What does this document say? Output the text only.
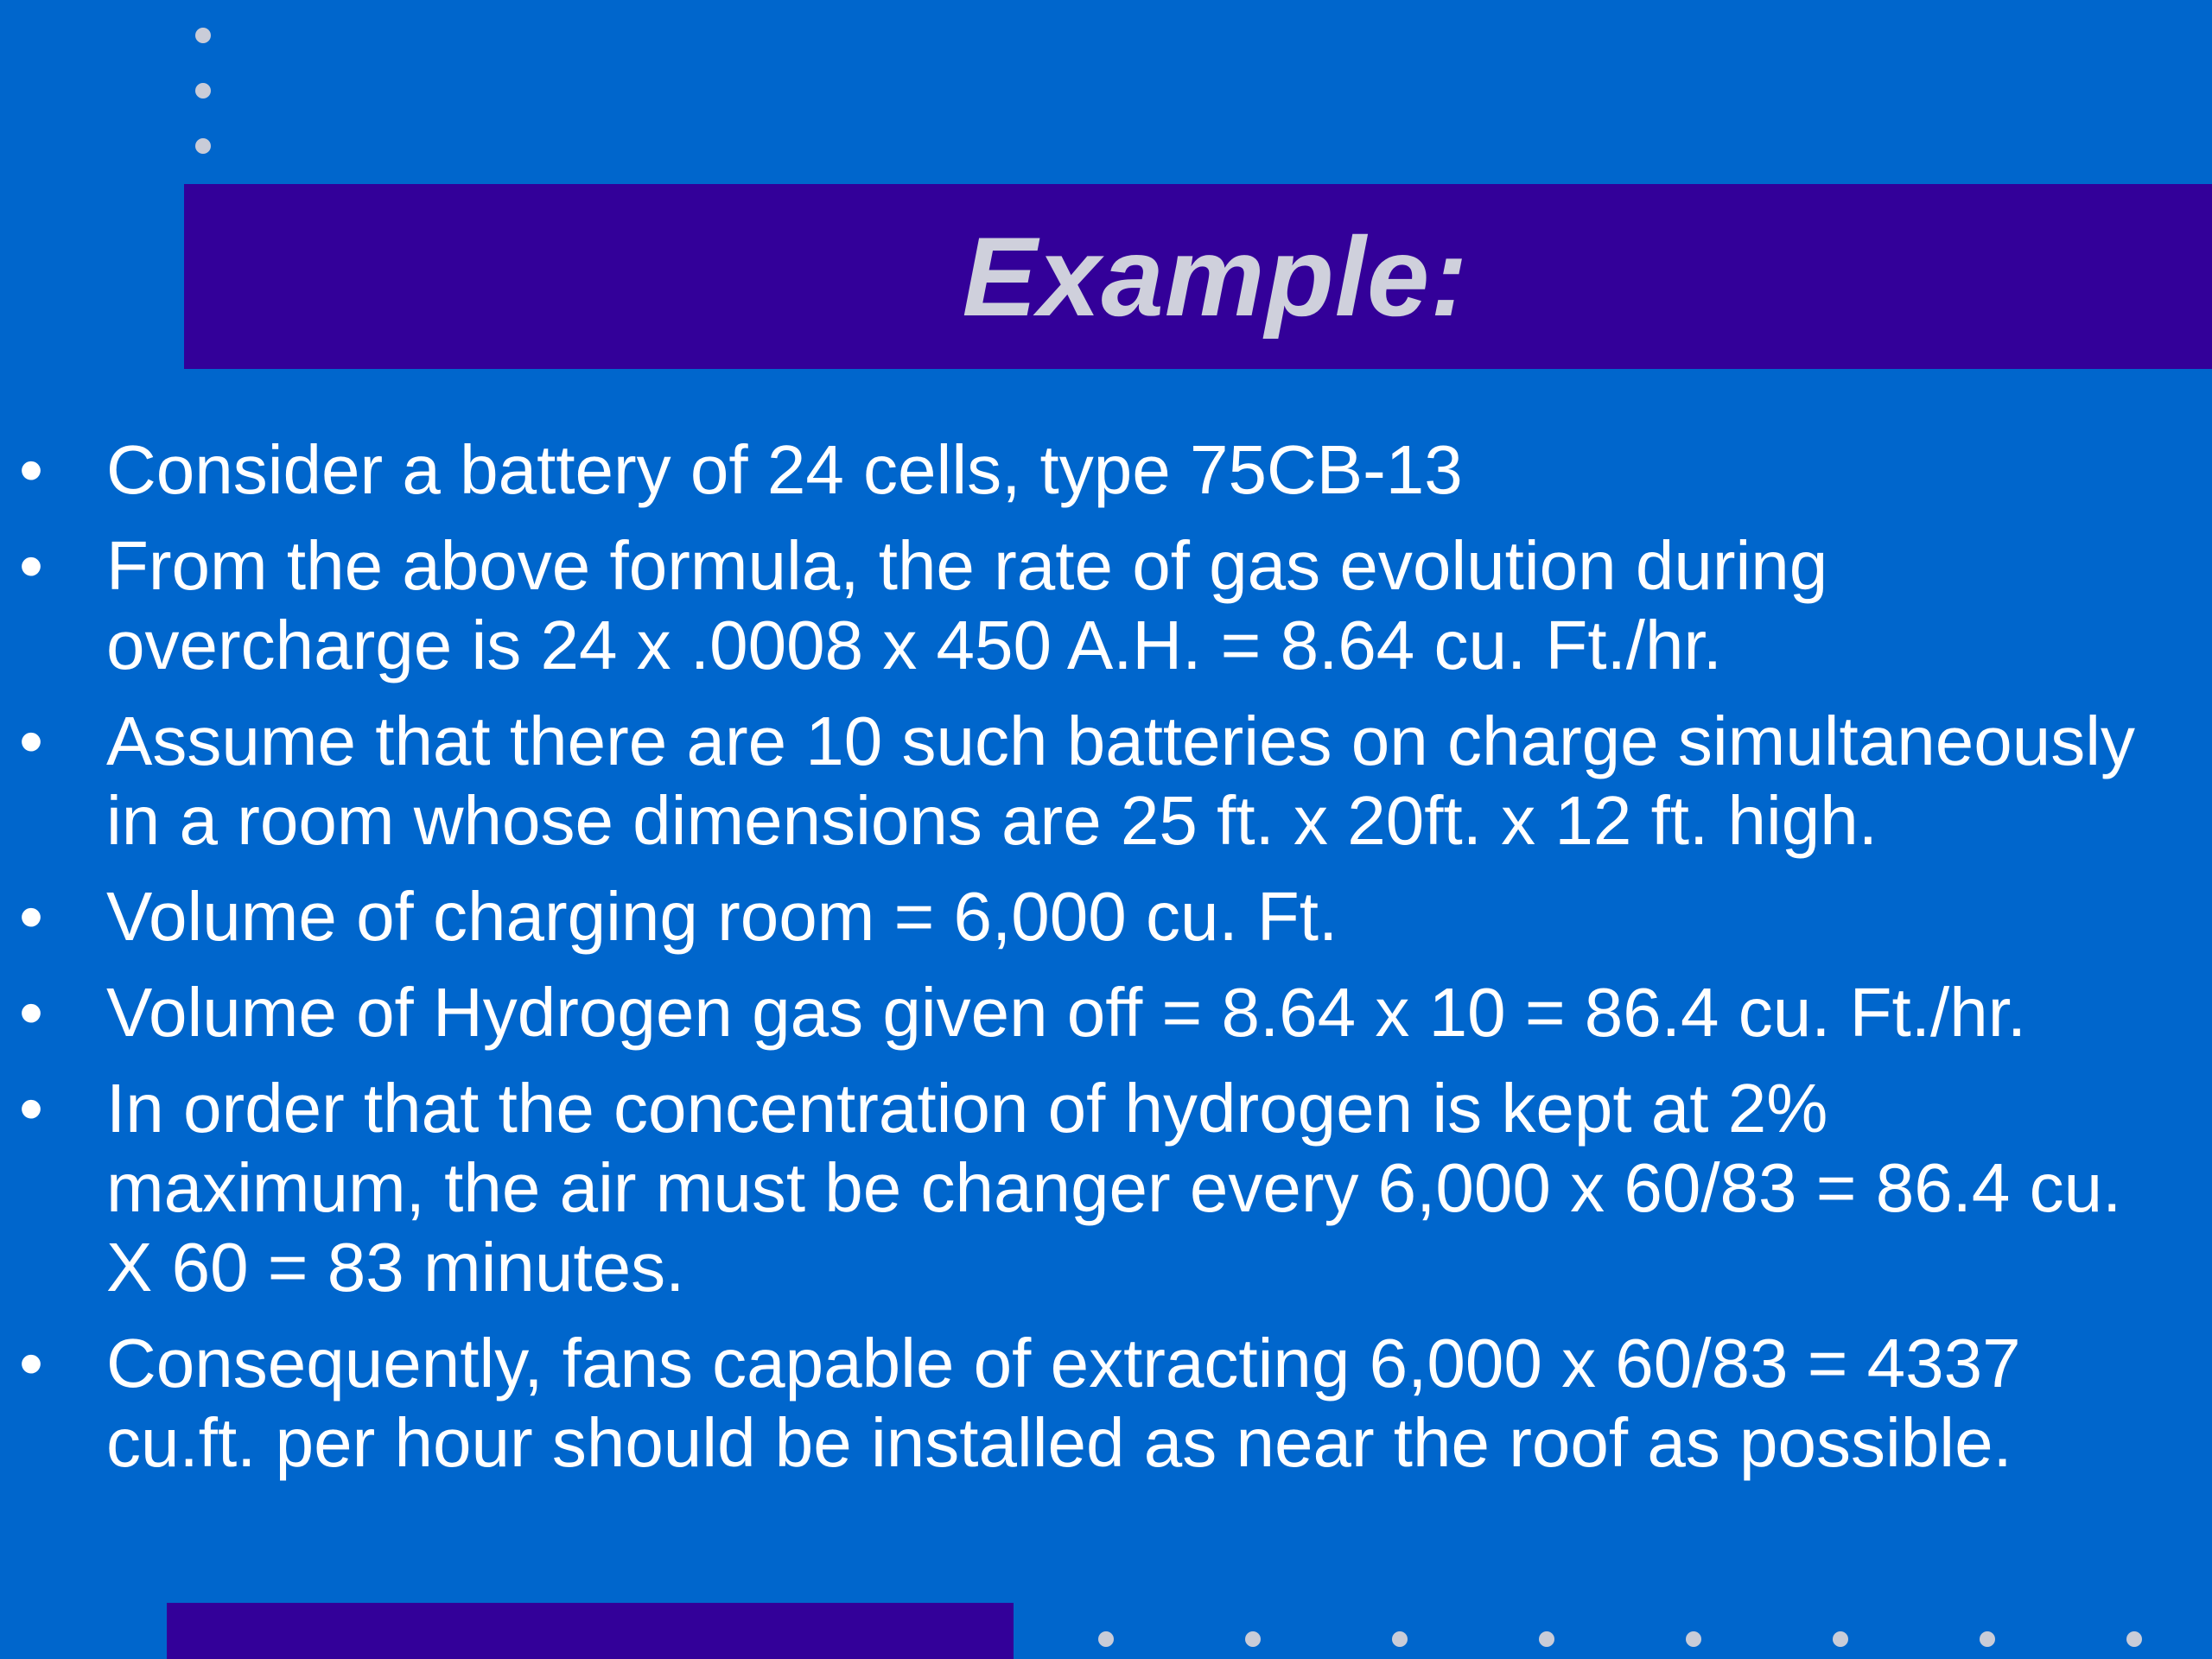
Example:
• Consider a battery of 24 cells, type 75CB-13
• From the above formula, the rate of gas evolution during overcharge is 24 x .0008 x 450 A.H. = 8.64 cu. Ft./hr.
• Assume that there are 10 such batteries on charge simultaneously in a room whose dimensions are 25 ft. x 20ft. x 12 ft. high.
• Volume of charging room = 6,000 cu. Ft.
• Volume of Hydrogen gas given off = 8.64 x 10 = 86.4 cu. Ft./hr.
• In order that the concentration of hydrogen is kept at 2% maximum, the air must be changer every 6,000 x 60/83 = 86.4 cu. X 60 = 83 minutes.
• Consequently, fans capable of extracting 6,000 x 60/83 = 4337 cu.ft. per hour should be installed as near the roof as possible.
